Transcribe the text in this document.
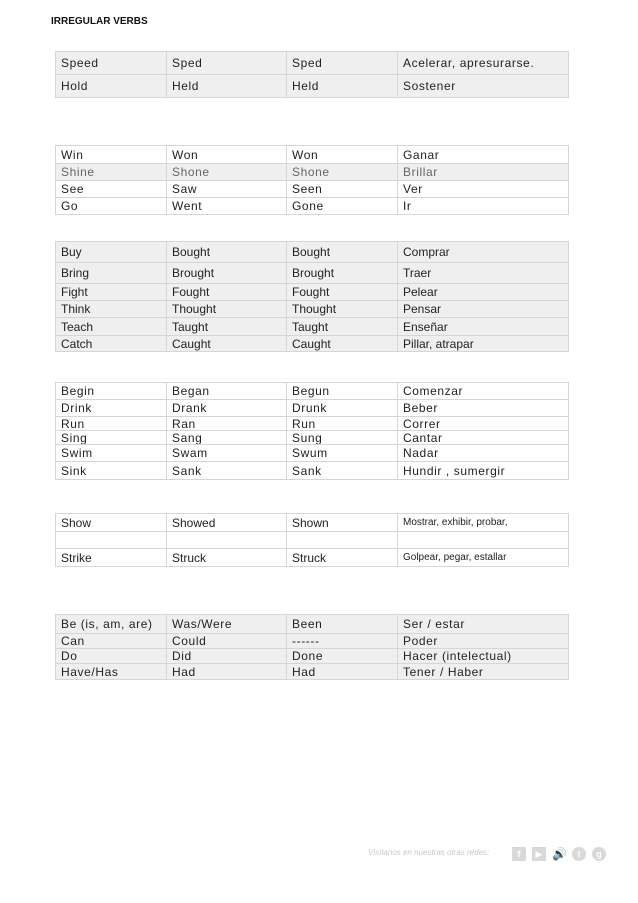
IRREGULAR VERBS
Speed	Sped	Sped	Acelerar, apresurarse.
Hold	Held	Held	Sostener
Win	Won	Won	Ganar
Shine	Shone	Shone	Brillar
See	Saw	Seen	Ver
Go	Went	Gone	Ir
Buy	Bought	Bought	Comprar
Bring	Brought	Brought	Traer
Fight	Fought	Fought	Pelear
Think	Thought	Thought	Pensar
Teach	Taught	Taught	Enseñar
Catch	Caught	Caught	Pillar, atrapar
Begin	Began	Begun	Comenzar
Drink	Drank	Drunk	Beber
Run	Ran	Run	Correr
Sing	Sang	Sung	Cantar
Swim	Swam	Swum	Nadar
Sink	Sank	Sank	Hundir , sumergir
Show	Showed	Shown	Mostrar, exhibir, probar,

Strike	Struck	Struck	Golpear, pegar, estallar
Be (is, am, are)	Was/Were	Been	Ser / estar
Can	Could	------	Poder
Do	Did	Done	Hacer (intelectual)
Have/Has	Had	Had	Tener / Haber
Visítanos en nuestras otras redes:	f	▶ 🔊	t	g
